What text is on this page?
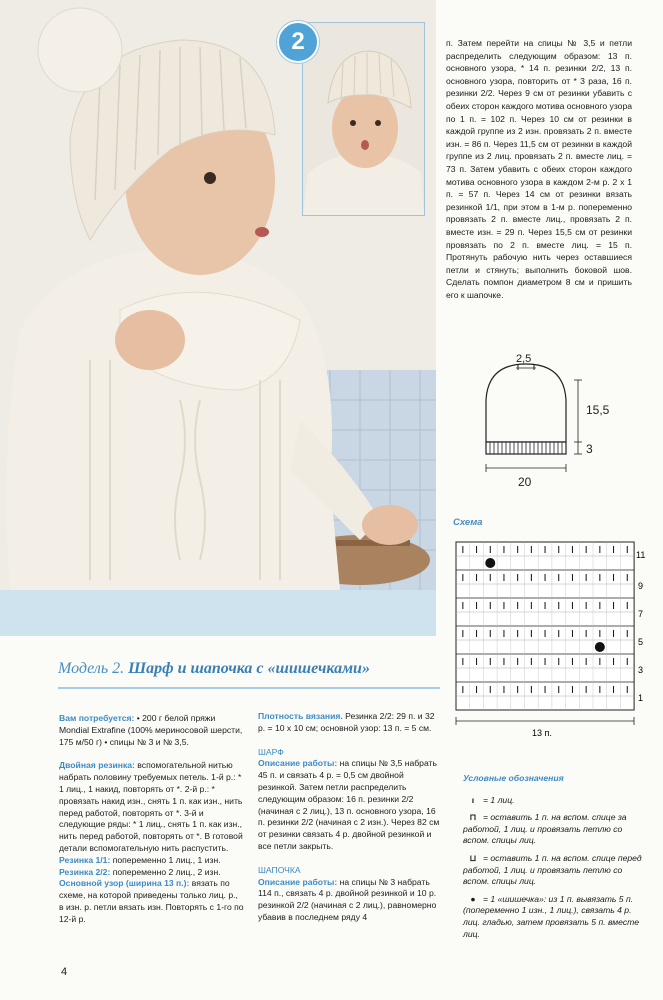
2	п. Затем перейти на спицы № 3,5 и петли распределить следующим образом: 13 п. основного узора, * 14 п. резинки 2/2, 13 п. основного узора, повторить от * 3 раза, 16 п. резинки 2/2. Через 9 см от резинки убавить с обеих сторон каждого мотива основного узора по 1 п. = 102 п. Через 10 см от резинки в каждой группе из 2 изн. провязать 2 п. вместе изн. = 86 п. Через 11,5 см от резинки в каждой группе из 2 лиц. провязать 2 п. вместе лиц. = 73 п. Затем убавить с обеих сторон каждого мотива основного узора в каждом 2-м р. 2 х 1 п. = 57 п. Через 14 см от резинки вязать резинкой 1/1, при этом в 1-м р. попеременно провязать 2 п. вместе лиц., провязать 2 п. вместе изн. = 29 п. Через 15,5 см от резинки провязать по 2 п. вместе лиц. = 15 п. Протянуть рабочую нить через оставшиеся петли и стянуть; выполнить боковой шов. Сделать помпон диаметром 8 см и пришить его к шапочке.
2,5
15,5
3
20
Схема
11
9
7
5
3
1
13 п.
Модель 2. Шарф и шапочка с «шишечками»

Вам потребуется: • 200 г белой пряжи Mondial Extrafine (100% мериносовой шерсти, 175 м/50 г) • спицы № 3 и № 3,5.

Двойная резинка: вспомогательной нитью набрать половину требуемых петель. 1-й р.: * 1 лиц., 1 накид, повторять от *. 2-й р.: * провязать накид изн., снять 1 п. как изн., нить перед работой, повторять от *. 3-й и следующие ряды: * 1 лиц., снять 1 п. как изн., нить перед работой, повторять от *. В готовой детали вспомогательную нить распустить.

Резинка 1/1: попеременно 1 лиц., 1 изн.

Резинка 2/2: попеременно 2 лиц., 2 изн.

Основной узор (ширина 13 п.): вязать по схеме, на которой приведены только лиц. р., в изн. р. петли вязать изн. Повторять с 1-го по 12-й р.

Плотность вязания. Резинка 2/2: 29 п. и 32 р. = 10 х 10 см; основной узор: 13 п. = 5 см.

ШАРФ

Описание работы: на спицы № 3,5 набрать 45 п. и связать 4 р. = 0,5 см двойной резинкой. Затем петли распределить следующим образом: 16 п. резинки 2/2 (начиная с 2 лиц.), 13 п. основного узора, 16 п. резинки 2/2 (начиная с 2 изн.). Через 82 см от резинки связать 4 р. двойной резинкой и все петли закрыть.

ШАПОЧКА

Описание работы: на спицы № 3 набрать 114 п., связать 4 р. двойной резинкой и 10 р. резинкой 2/2 (начиная с 2 лиц.), равномерно убавив в последнем ряду 4

Условные обозначения
ı = 1 лиц.
⊓ = оставить 1 п. на вспом. спице за работой, 1 лиц. и провязать петлю со вспом. спицы лиц.
⊔ = оставить 1 п. на вспом. спице перед работой, 1 лиц. и провязать петлю со вспом. спицы лиц.
● = 1 «шишечка»: из 1 п. вывязать 5 п. (попеременно 1 изн., 1 лиц.), связать 4 р. лиц. гладью, затем провязать 5 п. вместе лиц.
4
